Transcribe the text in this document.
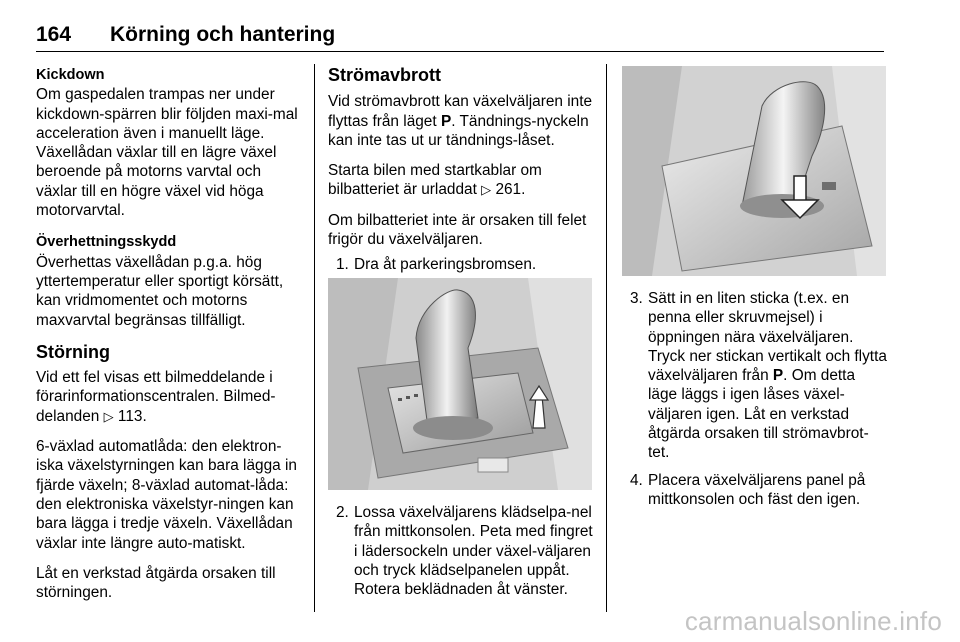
164 Körning och hantering
Kickdown
Om gaspedalen trampas ner under kickdown-spärren blir följden maxi-mal acceleration även i manuellt läge. Växellådan växlar till en lägre växel beroende på motorns varvtal och växlar till en högre växel vid höga motorvarvtal.
Överhettningsskydd
Överhettas växellådan p.g.a. hög yttertemperatur eller sportigt körsätt, kan vridmomentet och motorns maxvarvtal begränsas tillfälligt.
Störning

Vid ett fel visas ett bilmeddelande i förarinformationscentralen. Bilmed-delanden ▷ 113.

6-växlad automatlåda: den elektron-iska växelstyrningen kan bara lägga in fjärde växeln; 8-växlad automat-låda: den elektroniska växelstyr-ningen kan bara lägga i tredje växeln. Växellådan växlar inte längre auto-matiskt.

Låt en verkstad åtgärda orsaken till störningen.

Strömavbrott

Vid strömavbrott kan växelväljaren inte flyttas från läget P. Tändnings-nyckeln kan inte tas ut ur tändnings-låset.

Starta bilen med startkablar om bilbatteriet är urladdat ▷ 261.

Om bilbatteriet inte är orsaken till felet frigör du växelväljaren.

1. Dra åt parkeringsbromsen.
2. Lossa växelväljarens klädselpa-nel från mittkonsolen. Peta med fingret i lädersockeln under växel-väljaren och tryck klädselpanelen uppåt. Rotera beklädnaden åt vänster.
3. Sätt in en liten sticka (t.ex. en penna eller skruvmejsel) i öppningen nära växelväljaren. Tryck ner stickan vertikalt och flytta växelväljaren från P. Om detta läge läggs i igen låses växel-väljaren igen. Låt en verkstad åtgärda orsaken till strömavbrot-tet.
4. Placera växelväljarens panel på mittkonsolen och fäst den igen.
carmanualsonline.info
